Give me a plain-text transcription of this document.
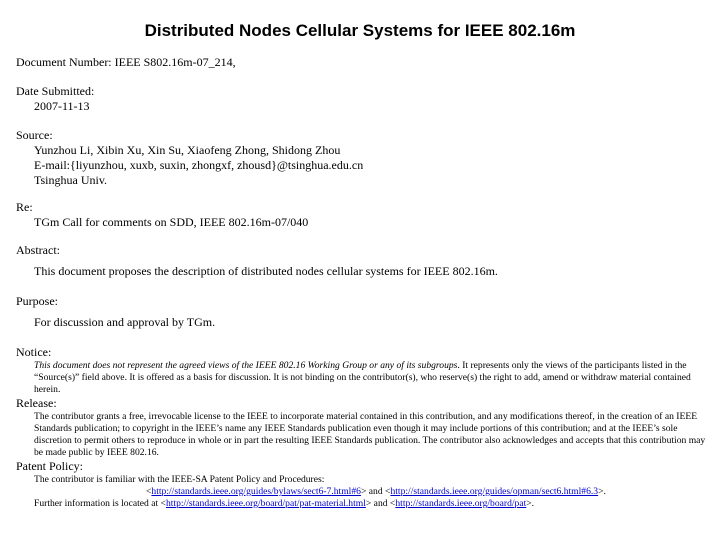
Distributed Nodes Cellular Systems for IEEE 802.16m
Document Number: IEEE S802.16m-07_214,
Date Submitted:
2007-11-13
Source:
Yunzhou Li, Xibin Xu, Xin Su, Xiaofeng Zhong, Shidong Zhou
E-mail:{liyunzhou, xuxb, suxin, zhongxf, zhousd}@tsinghua.edu.cn
Tsinghua Univ.
Re:
TGm Call for comments on SDD, IEEE 802.16m-07/040
Abstract:
This document proposes the description of distributed nodes cellular systems for IEEE 802.16m.
Purpose:
For discussion and approval by TGm.
Notice:
This document does not represent the agreed views of the IEEE 802.16 Working Group or any of its subgroups. It represents only the views of the participants listed in the “Source(s)” field above. It is offered as a basis for discussion. It is not binding on the contributor(s), who reserve(s) the right to add, amend or withdraw material contained herein.
Release:
The contributor grants a free, irrevocable license to the IEEE to incorporate material contained in this contribution, and any modifications thereof, in the creation of an IEEE Standards publication; to copyright in the IEEE’s name any IEEE Standards publication even though it may include portions of this contribution; and at the IEEE’s sole discretion to permit others to reproduce in whole or in part the resulting IEEE Standards publication. The contributor also acknowledges and accepts that this contribution may be made public by IEEE 802.16.
Patent Policy:
The contributor is familiar with the IEEE-SA Patent Policy and Procedures:
<http://standards.ieee.org/guides/bylaws/sect6-7.html#6> and <http://standards.ieee.org/guides/opman/sect6.html#6.3>.
Further information is located at <http://standards.ieee.org/board/pat/pat-material.html> and <http://standards.ieee.org/board/pat>.
